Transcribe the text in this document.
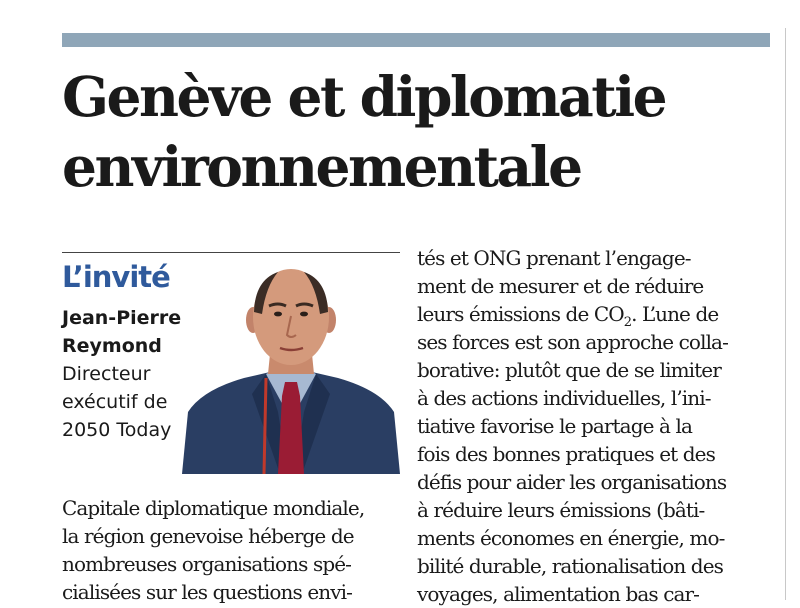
Genève et diplomatie environnementale
L’invité
Jean-Pierre Reymond
Directeur exécutif de 2050 Today

Capitale diplomatique mondiale,

la région genevoise héberge de

nombreuses organisations spé-

cialisées sur les questions envi-

tés et ONG prenant l’engage-

ment de mesurer et de réduire

leurs émissions de $CO_2$. L’une de

ses forces est son approche colla-

borative: plutôt que de se limiter

à des actions individuelles, l’ini-

tiative favorise le partage à la

fois des bonnes pratiques et des

défis pour aider les organisations

à réduire leurs émissions (bâti-

ments économes en énergie, mo-

bilité durable, rationalisation des

voyages, alimentation bas car-
